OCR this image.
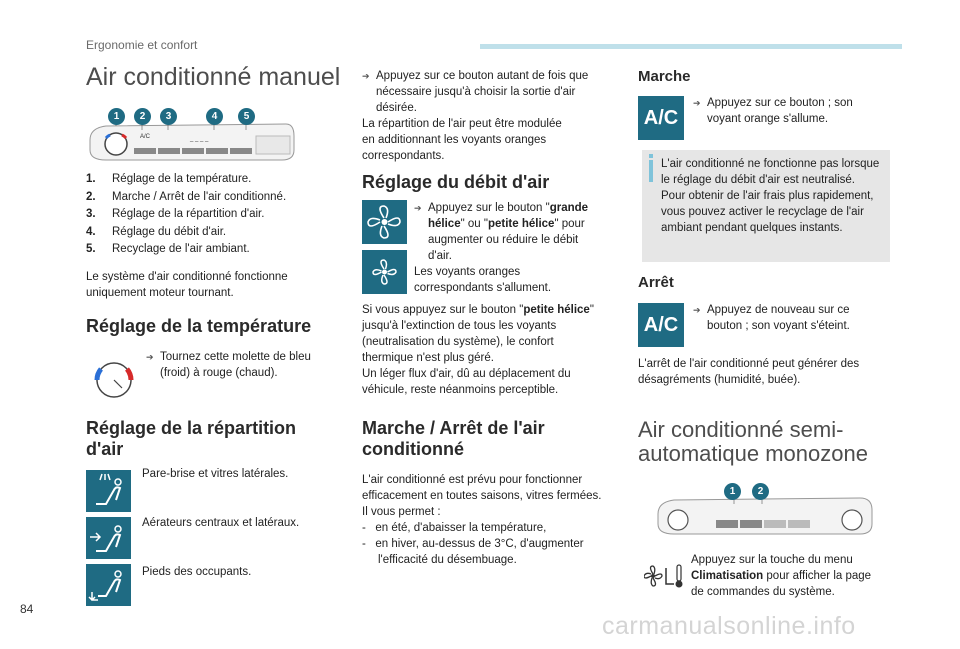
Ergonomie et confort
84
carmanualsonline.info
Air conditionné manuel
A/C	_ _ _ _
1	2	3	4	5
1.	Réglage de la température.
2.	Marche / Arrêt de l'air conditionné.
3.	Réglage de la répartition d'air.
4.	Réglage du débit d'air.
5.	Recyclage de l'air ambiant.
Le système d'air conditionné fonctionne
uniquement moteur tournant.
Réglage de la température
➔ Tournez cette molette de bleu
(froid) à rouge (chaud).
Réglage de la répartition
d'air
Pare-brise et vitres latérales.
Aérateurs centraux et latéraux.
Pieds des occupants.
➔ Appuyez sur ce bouton autant de fois que
nécessaire jusqu'à choisir la sortie d'air
désirée.
La répartition de l'air peut être modulée
en additionnant les voyants oranges
correspondants.
Réglage du débit d'air
➔ Appuyez sur le bouton "grande
hélice" ou "petite hélice" pour
augmenter ou réduire le débit
d'air.
Les voyants oranges
correspondants s'allument.
Si vous appuyez sur le bouton "petite hélice"
jusqu'à l'extinction de tous les voyants
(neutralisation du système), le confort
thermique n'est plus géré.
Un léger flux d'air, dû au déplacement du
véhicule, reste néanmoins perceptible.
Marche / Arrêt de l'air
conditionné
L'air conditionné est prévu pour fonctionner
efficacement en toutes saisons, vitres fermées.
Il vous permet :
-   en été, d'abaisser la température,
-   en hiver, au-dessus de 3°C, d'augmenter
l'efficacité du désembuage.
Marche
A/C
➔ Appuyez sur ce bouton ; son
voyant orange s'allume.
L'air conditionné ne fonctionne pas lorsque
le réglage du débit d'air est neutralisé.
Pour obtenir de l'air frais plus rapidement,
vous pouvez activer le recyclage de l'air
ambiant pendant quelques instants.
Arrêt
A/C
➔ Appuyez de nouveau sur ce
bouton ; son voyant s'éteint.
L'arrêt de l'air conditionné peut générer des
désagréments (humidité, buée).
Air conditionné semi-
automatique monozone
1	2
Appuyez sur la touche du menu
Climatisation pour afficher la page
de commandes du système.
